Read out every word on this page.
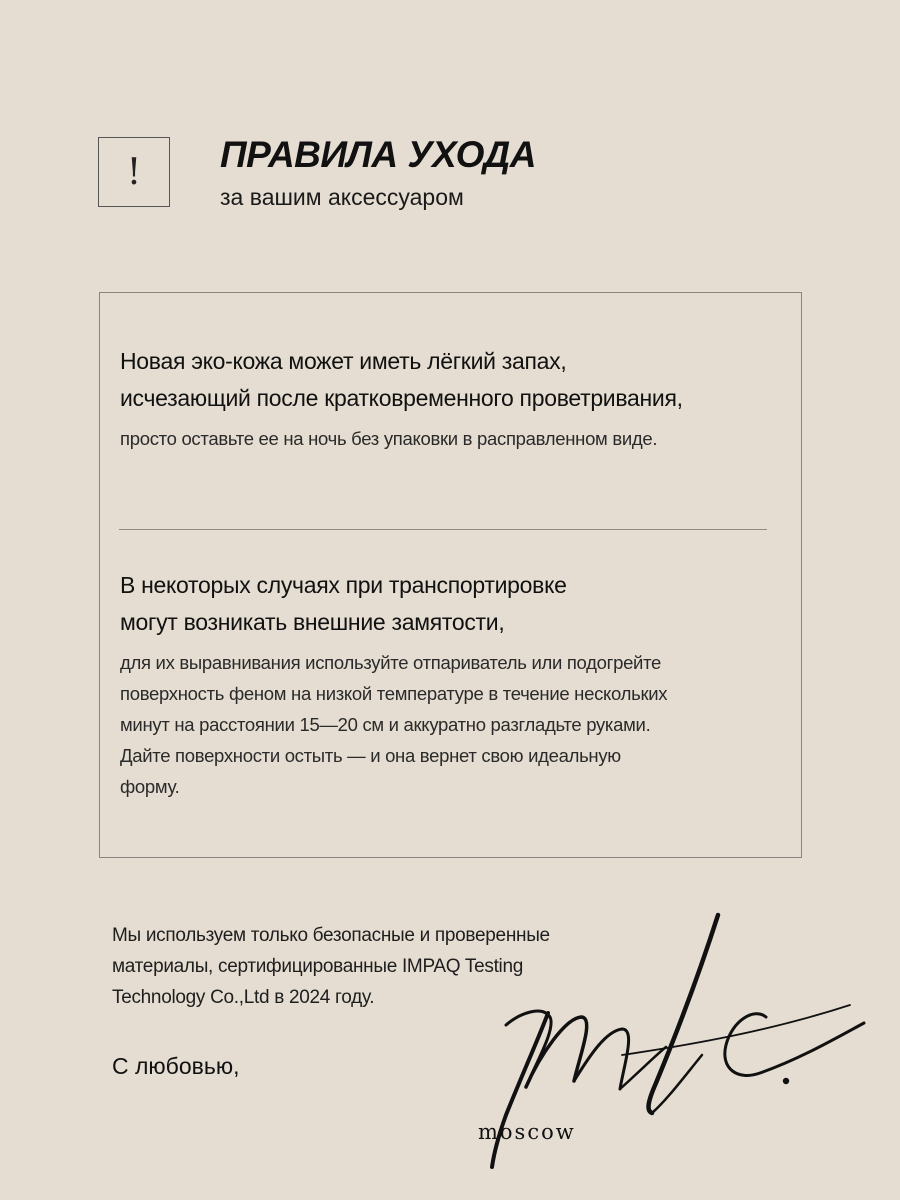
!	ПРАВИЛА УХОДА

за вашим аксессуаром

Новая эко-кожа может иметь лёгкий запах,
исчезающий после кратковременного проветривания,

просто оставьте ее на ночь без упаковки в расправленном виде.

В некоторых случаях при транспортировке
могут возникать внешние замятости,

для их выравнивания используйте отпариватель или подогрейте
поверхность феном на низкой температуре в течение нескольких
минут на расстоянии 15—20 см и аккуратно разгладьте руками.
Дайте поверхности остыть — и она вернет свою идеальную
форму.

Мы используем только безопасные и проверенные
материалы, сертифицированные IMPAQ Testing
Technology Co.,Ltd в 2024 году.

С любовью,

moscow
